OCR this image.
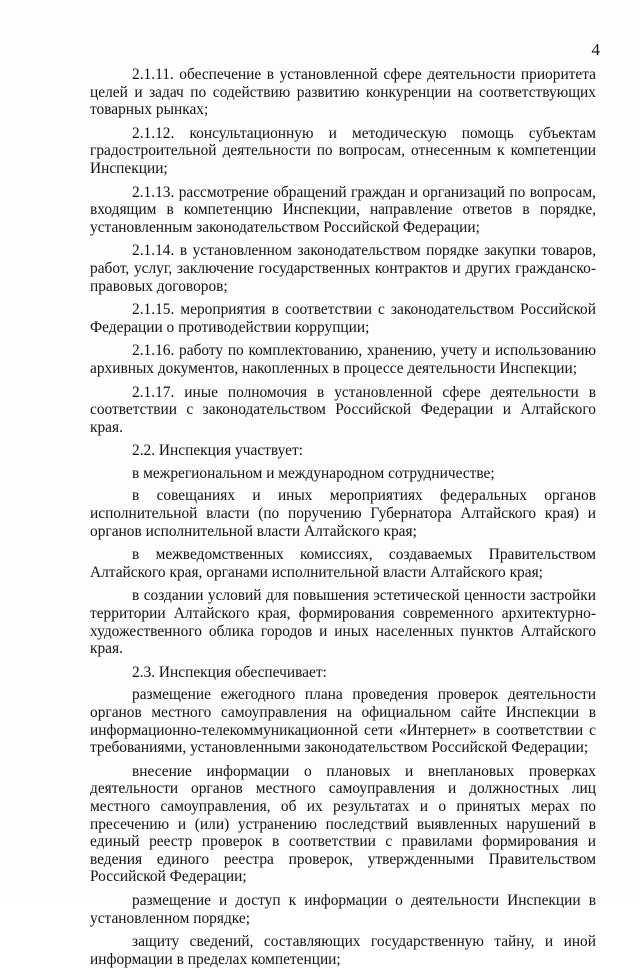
4

2.1.11. обеспечение в установленной сфере деятельности приоритета целей и задач по содействию развитию конкуренции на соответствующих товарных рынках;

2.1.12. консультационную и методическую помощь субъектам градостроительной деятельности по вопросам, отнесенным к компетенции Инспекции;

2.1.13. рассмотрение обращений граждан и организаций по вопросам, входящим в компетенцию Инспекции, направление ответов в порядке, установленным законодательством Российской Федерации;

2.1.14. в установленном законодательством порядке закупки товаров, работ, услуг, заключение государственных контрактов и других гражданско-правовых договоров;

2.1.15. мероприятия в соответствии с законодательством Российской Федерации о противодействии коррупции;

2.1.16. работу по комплектованию, хранению, учету и использованию архивных документов, накопленных в процессе деятельности Инспекции;

2.1.17. иные полномочия в установленной сфере деятельности в соответствии с законодательством Российской Федерации и Алтайского края.

2.2. Инспекция участвует:

в межрегиональном и международном сотрудничестве;

в совещаниях и иных мероприятиях федеральных органов исполнительной власти (по поручению Губернатора Алтайского края) и органов исполнительной власти Алтайского края;

в межведомственных комиссиях, создаваемых Правительством Алтайского края, органами исполнительной власти Алтайского края;

в создании условий для повышения эстетической ценности застройки территории Алтайского края, формирования современного архитектурно-художественного облика городов и иных населенных пунктов Алтайского края.

2.3. Инспекция обеспечивает:

размещение ежегодного плана проведения проверок деятельности органов местного самоуправления на официальном сайте Инспекции в информационно-телекоммуникационной сети «Интернет» в соответствии с требованиями, установленными законодательством Российской Федерации;

внесение информации о плановых и внеплановых проверках деятельности органов местного самоуправления и должностных лиц местного самоуправления, об их результатах и о принятых мерах по пресечению и (или) устранению последствий выявленных нарушений в единый реестр проверок в соответствии с правилами формирования и ведения единого реестра проверок, утвержденными Правительством Российской Федерации;

размещение и доступ к информации о деятельности Инспекции в установленном порядке;

защиту сведений, составляющих государственную тайну, и иной информации в пределах компетенции;
